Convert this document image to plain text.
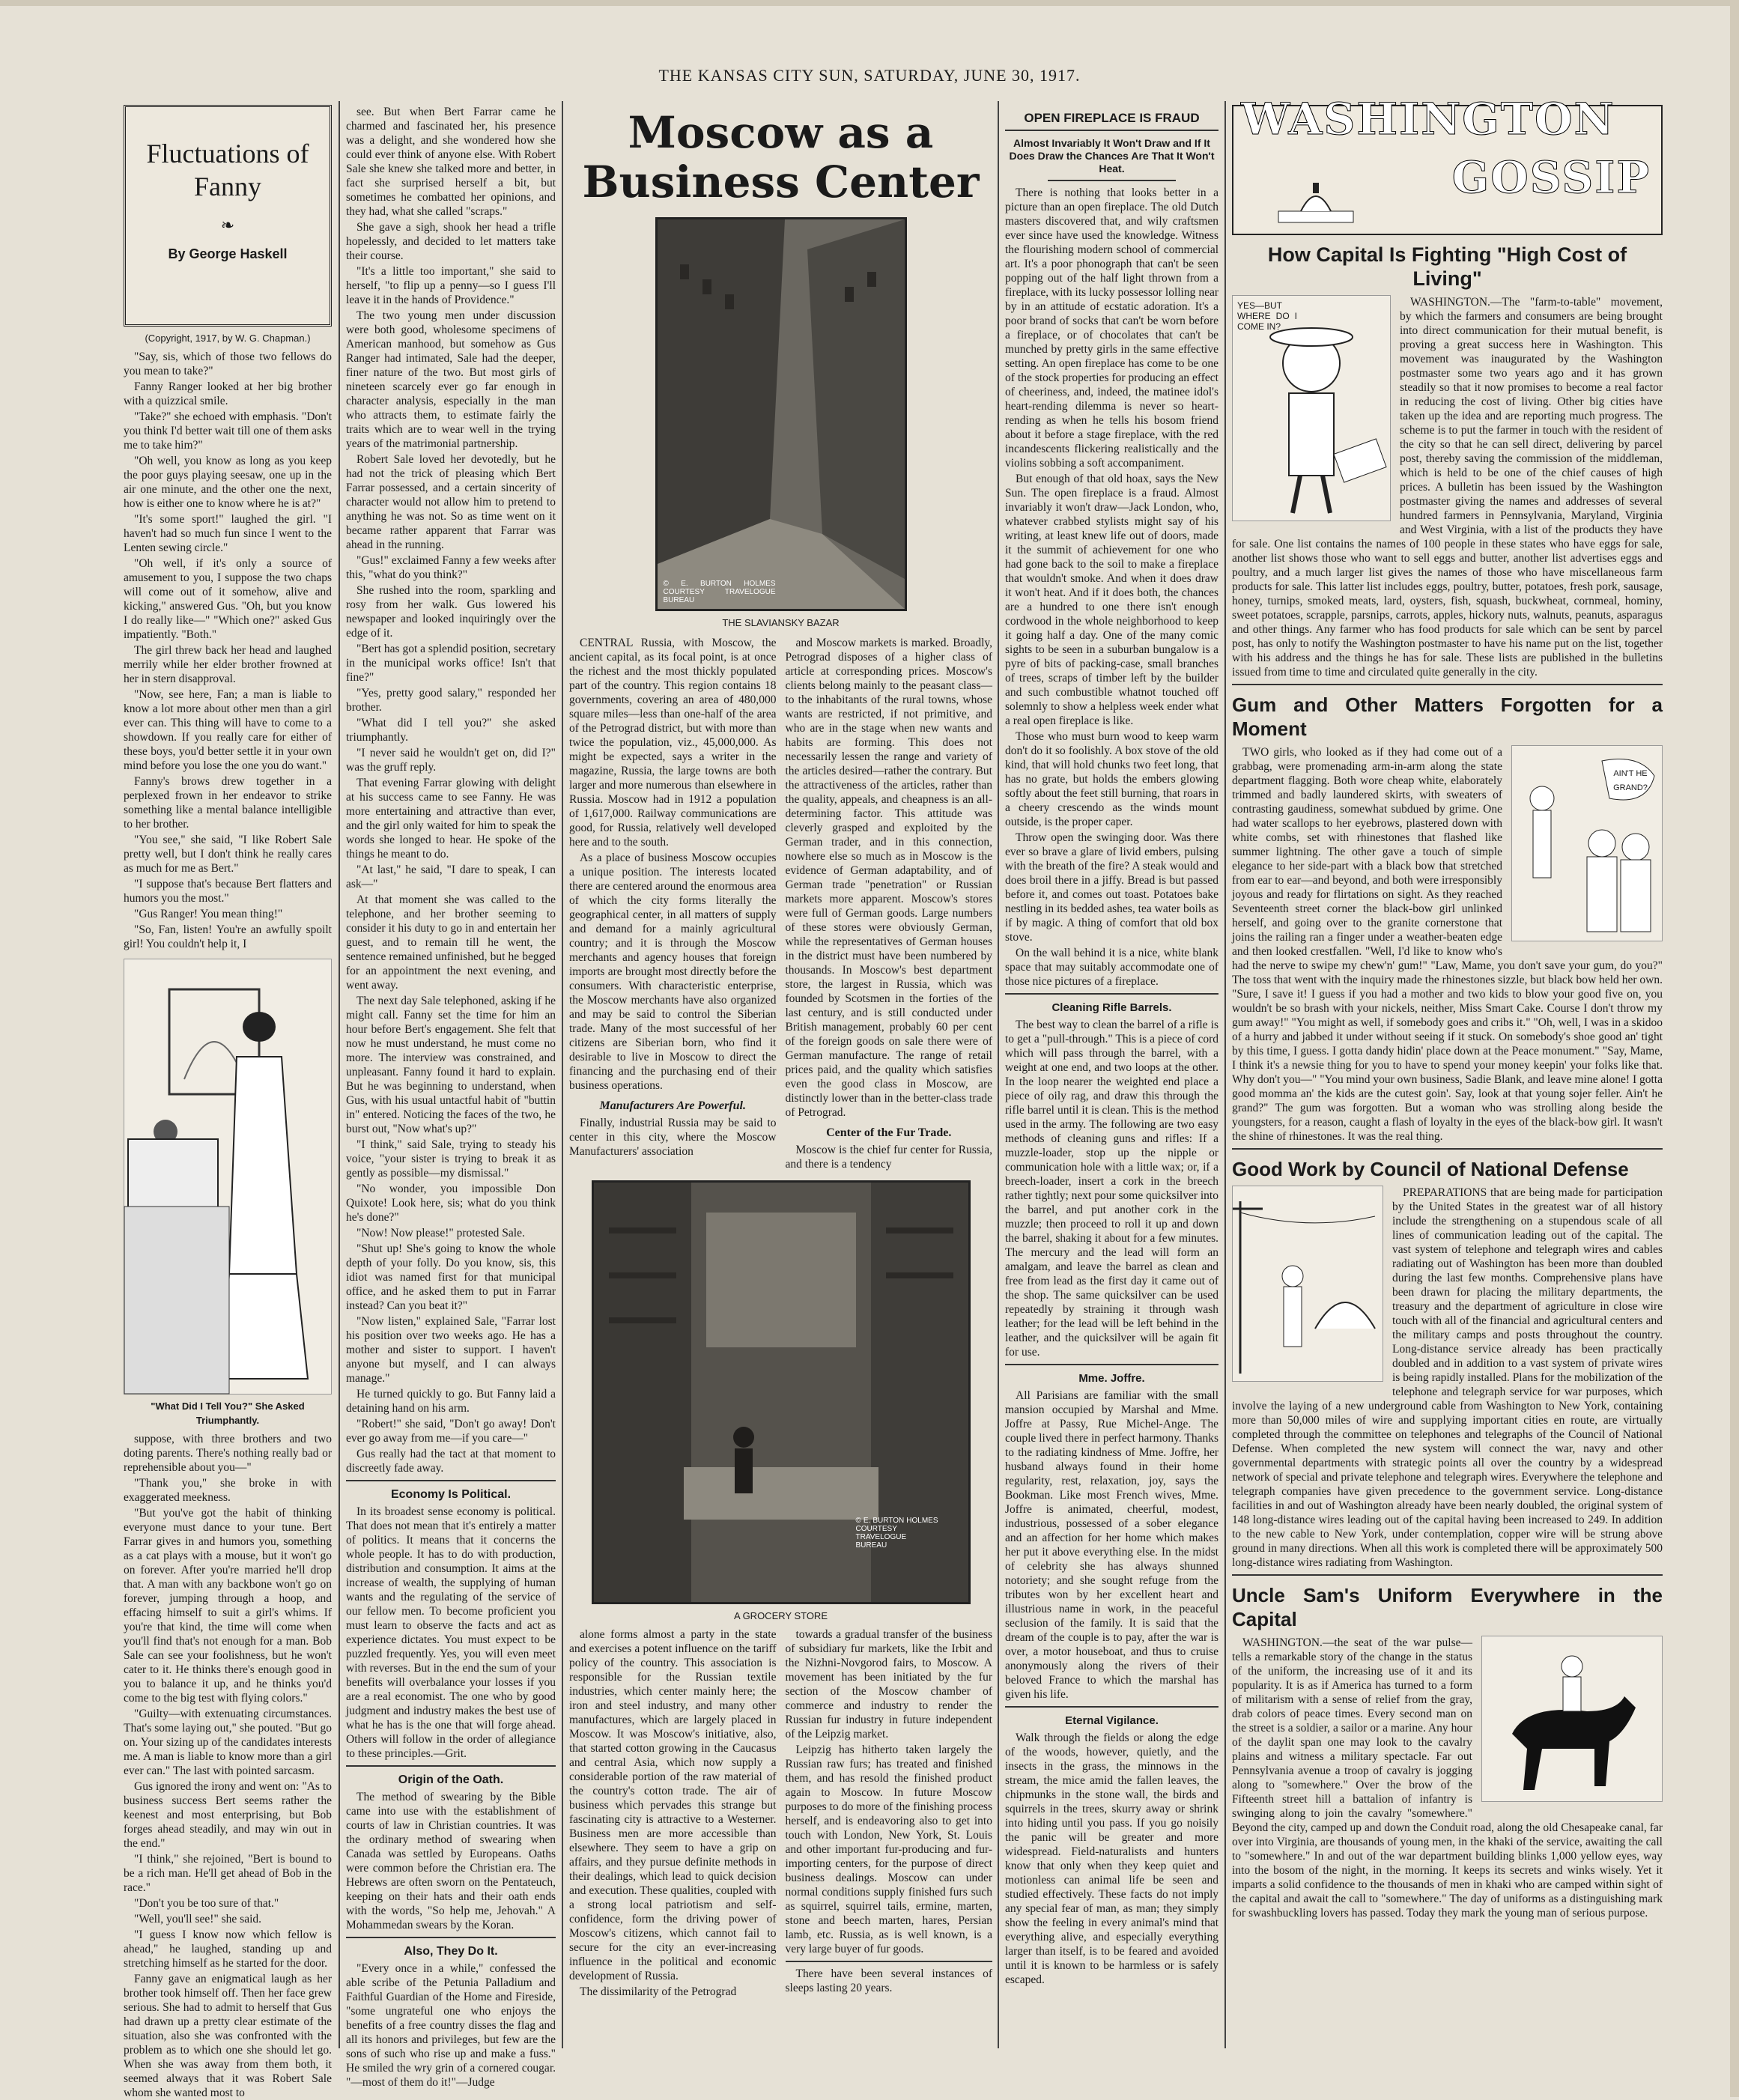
THE KANSAS CITY SUN, SATURDAY, JUNE 30, 1917.
Fluctuations of Fanny
❧
By George Haskell
(Copyright, 1917, by W. G. Chapman.)

"Say, sis, which of those two fellows do you mean to take?"

Fanny Ranger looked at her big brother with a quizzical smile.

"Take?" she echoed with emphasis. "Don't you think I'd better wait till one of them asks me to take him?"

"Oh well, you know as long as you keep the poor guys playing seesaw, one up in the air one minute, and the other one the next, how is either one to know where he is at?"

"It's some sport!" laughed the girl. "I haven't had so much fun since I went to the Lenten sewing circle."

"Oh well, if it's only a source of amusement to you, I suppose the two chaps will come out of it somehow, alive and kicking," answered Gus. "Oh, but you know I do really like—" "Which one?" asked Gus impatiently. "Both."

The girl threw back her head and laughed merrily while her elder brother frowned at her in stern disapproval.

"Now, see here, Fan; a man is liable to know a lot more about other men than a girl ever can. This thing will have to come to a showdown. If you really care for either of these boys, you'd better settle it in your own mind before you lose the one you do want."

Fanny's brows drew together in a perplexed frown in her endeavor to strike something like a mental balance intelligible to her brother.

"You see," she said, "I like Robert Sale pretty well, but I don't think he really cares as much for me as Bert."

"I suppose that's because Bert flatters and humors you the most."

"Gus Ranger! You mean thing!"

"So, Fan, listen! You're an awfully spoilt girl! You couldn't help it, I

"What Did I Tell You?" She Asked Triumphantly.

suppose, with three brothers and two doting parents. There's nothing really bad or reprehensible about you—"

"Thank you," she broke in with exaggerated meekness.

"But you've got the habit of thinking everyone must dance to your tune. Bert Farrar gives in and humors you, something as a cat plays with a mouse, but it won't go on forever. After you're married he'll drop that. A man with any backbone won't go on forever, jumping through a hoop, and effacing himself to suit a girl's whims. If you're that kind, the time will come when you'll find that's not enough for a man. Bob Sale can see your foolishness, but he won't cater to it. He thinks there's enough good in you to balance it up, and he thinks you'd come to the big test with flying colors."

"Guilty—with extenuating circumstances. That's some laying out," she pouted. "But go on. Your sizing up of the candidates interests me. A man is liable to know more than a girl ever can." The last with pointed sarcasm.

Gus ignored the irony and went on: "As to business success Bert seems rather the keenest and most enterprising, but Bob forges ahead steadily, and may win out in the end."

"I think," she rejoined, "Bert is bound to be a rich man. He'll get ahead of Bob in the race."

"Don't you be too sure of that."

"Well, you'll see!" she said.

"I guess I know now which fellow is ahead," he laughed, standing up and stretching himself as he started for the door.

Fanny gave an enigmatical laugh as her brother took himself off. Then her face grew serious. She had to admit to herself that Gus had drawn up a pretty clear estimate of the situation, also she was confronted with the problem as to which one she should let go. When she was away from them both, it seemed always that it was Robert Sale whom she wanted most to

see. But when Bert Farrar came he charmed and fascinated her, his presence was a delight, and she wondered how she could ever think of anyone else. With Robert Sale she knew she talked more and better, in fact she surprised herself a bit, but sometimes he combatted her opinions, and they had, what she called "scraps."

She gave a sigh, shook her head a trifle hopelessly, and decided to let matters take their course.

"It's a little too important," she said to herself, "to flip up a penny—so I guess I'll leave it in the hands of Providence."

The two young men under discussion were both good, wholesome specimens of American manhood, but somehow as Gus Ranger had intimated, Sale had the deeper, finer nature of the two. But most girls of nineteen scarcely ever go far enough in character analysis, especially in the man who attracts them, to estimate fairly the traits which are to wear well in the trying years of the matrimonial partnership.

Robert Sale loved her devotedly, but he had not the trick of pleasing which Bert Farrar possessed, and a certain sincerity of character would not allow him to pretend to anything he was not. So as time went on it became rather apparent that Farrar was ahead in the running.

"Gus!" exclaimed Fanny a few weeks after this, "what do you think?"

She rushed into the room, sparkling and rosy from her walk. Gus lowered his newspaper and looked inquiringly over the edge of it.

"Bert has got a splendid position, secretary in the municipal works office! Isn't that fine?"

"Yes, pretty good salary," responded her brother.

"What did I tell you?" she asked triumphantly.

"I never said he wouldn't get on, did I?" was the gruff reply.

That evening Farrar glowing with delight at his success came to see Fanny. He was more entertaining and attractive than ever, and the girl only waited for him to speak the words she longed to hear. He spoke of the things he meant to do.

"At last," he said, "I dare to speak, I can ask—"

At that moment she was called to the telephone, and her brother seeming to consider it his duty to go in and entertain her guest, and to remain till he went, the sentence remained unfinished, but he begged for an appointment the next evening, and went away.

The next day Sale telephoned, asking if he might call. Fanny set the time for him an hour before Bert's engagement. She felt that now he must understand, he must come no more. The interview was constrained, and unpleasant. Fanny found it hard to explain. But he was beginning to understand, when Gus, with his usual untactful habit of "buttin in" entered. Noticing the faces of the two, he burst out, "Now what's up?"

"I think," said Sale, trying to steady his voice, "your sister is trying to break it as gently as possible—my dismissal."

"No wonder, you impossible Don Quixote! Look here, sis; what do you think he's done?"

"Now! Now please!" protested Sale.

"Shut up! She's going to know the whole depth of your folly. Do you know, sis, this idiot was named first for that municipal office, and he asked them to put in Farrar instead? Can you beat it?"

"Now listen," explained Sale, "Farrar lost his position over two weeks ago. He has a mother and sister to support. I haven't anyone but myself, and I can always manage."

He turned quickly to go. But Fanny laid a detaining hand on his arm.

"Robert!" she said, "Don't go away! Don't ever go away from me—if you care—"

Gus really had the tact at that moment to discreetly fade away.

Economy Is Political.

In its broadest sense economy is political. That does not mean that it's entirely a matter of politics. It means that it concerns the whole people. It has to do with production, distribution and consumption. It aims at the increase of wealth, the supplying of human wants and the regulating of the service of our fellow men. To become proficient you must learn to observe the facts and act as experience dictates. You must expect to be puzzled frequently. Yes, you will even meet with reverses. But in the end the sum of your benefits will overbalance your losses if you are a real economist. The one who by good judgment and industry makes the best use of what he has is the one that will forge ahead. Others will follow in the order of allegiance to these principles.—Grit.

Origin of the Oath.

The method of swearing by the Bible came into use with the establishment of courts of law in Christian countries. It was the ordinary method of swearing when Canada was settled by Europeans. Oaths were common before the Christian era. The Hebrews are often sworn on the Pentateuch, keeping on their hats and their oath ends with the words, "So help me, Jehovah." A Mohammedan swears by the Koran.

Also, They Do It.

"Every once in a while," confessed the able scribe of the Petunia Palladium and Faithful Guardian of the Home and Fireside, "some ungrateful one who enjoys the benefits of a free country disses the flag and all its honors and privileges, but few are the sons of such who rise up and make a fuss." He smiled the wry grin of a cornered cougar. "—most of them do it!"—Judge

Moscow as a
Business Center
© E. BURTON HOLMES COURTESY TRAVELOGUE BUREAU
THE SLAVIANSKY BAZAR

CENTRAL Russia, with Moscow, the ancient capital, as its focal point, is at once the richest and the most thickly populated part of the country. This region contains 18 governments, covering an area of 480,000 square miles—less than one-half of the area of the Petrograd district, but with more than twice the population, viz., 45,000,000. As might be expected, says a writer in the magazine, Russia, the large towns are both larger and more numerous than elsewhere in Russia. Moscow had in 1912 a population of 1,617,000. Railway communications are good, for Russia, relatively well developed here and to the south.

As a place of business Moscow occupies a unique position. The interests located there are centered around the enormous area of which the city forms literally the geographical center, in all matters of supply and demand for a mainly agricultural country; and it is through the Moscow merchants and agency houses that foreign imports are brought most directly before the consumers. With characteristic enterprise, the Moscow merchants have also organized and may be said to control the Siberian trade. Many of the most successful of her citizens are Siberian born, who find it desirable to live in Moscow to direct the financing and the purchasing end of their business operations.

Manufacturers Are Powerful.

Finally, industrial Russia may be said to center in this city, where the Moscow Manufacturers' association

and Moscow markets is marked. Broadly, Petrograd disposes of a higher class of article at corresponding prices. Moscow's clients belong mainly to the peasant class—to the inhabitants of the rural towns, whose wants are restricted, if not primitive, and who are in the stage when new wants and habits are forming. This does not necessarily lessen the range and variety of the articles desired—rather the contrary. But the attractiveness of the articles, rather than the quality, appeals, and cheapness is an all-determining factor. This attitude was cleverly grasped and exploited by the German trader, and in this connection, nowhere else so much as in Moscow is the evidence of German adaptability, and of German trade "penetration" or Russian markets more apparent. Moscow's stores were full of German goods. Large numbers of these stores were obviously German, while the representatives of German houses in the district must have been numbered by thousands. In Moscow's best department store, the largest in Russia, which was founded by Scotsmen in the forties of the last century, and is still conducted under British management, probably 60 per cent of the foreign goods on sale there were of German manufacture. The range of retail prices paid, and the quality which satisfies even the good class in Moscow, are distinctly lower than in the better-class trade of Petrograd.

Center of the Fur Trade.

Moscow is the chief fur center for Russia, and there is a tendency

© E. BURTON HOLMES COURTESY TRAVELOGUE BUREAU
A GROCERY STORE

alone forms almost a party in the state and exercises a potent influence on the tariff policy of the country. This association is responsible for the Russian textile industries, which center mainly here; the iron and steel industry, and many other manufactures, which are largely placed in Moscow. It was Moscow's initiative, also, that started cotton growing in the Caucasus and central Asia, which now supply a considerable portion of the raw material of the country's cotton trade. The air of business which pervades this strange but fascinating city is attractive to a Westerner. Business men are more accessible than elsewhere. They seem to have a grip on affairs, and they pursue definite methods in their dealings, which lead to quick decision and execution. These qualities, coupled with a strong local patriotism and self-confidence, form the driving power of Moscow's citizens, which cannot fail to secure for the city an ever-increasing influence in the political and economic development of Russia.

The dissimilarity of the Petrograd

towards a gradual transfer of the business of subsidiary fur markets, like the Irbit and the Nizhni-Novgorod fairs, to Moscow. A movement has been initiated by the fur section of the Moscow chamber of commerce and industry to render the Russian fur industry in future independent of the Leipzig market.

Leipzig has hitherto taken largely the Russian raw furs; has treated and finished them, and has resold the finished product again to Moscow. In future Moscow purposes to do more of the finishing process herself, and is endeavoring also to get into touch with London, New York, St. Louis and other important fur-producing and fur-importing centers, for the purpose of direct business dealings. Moscow can under normal conditions supply finished furs such as squirrel, squirrel tails, ermine, marten, stone and beech marten, hares, Persian lamb, etc. Russia, as is well known, is a very large buyer of fur goods.

There have been several instances of sleeps lasting 20 years.

OPEN FIREPLACE IS FRAUD
Almost Invariably It Won't Draw and If It Does Draw the Chances Are That It Won't Heat.

There is nothing that looks better in a picture than an open fireplace. The old Dutch masters discovered that, and wily craftsmen ever since have used the knowledge. Witness the flourishing modern school of commercial art. It's a poor phonograph that can't be seen popping out of the half light thrown from a fireplace, with its lucky possessor lolling near by in an attitude of ecstatic adoration. It's a poor brand of socks that can't be worn before a fireplace, or of chocolates that can't be munched by pretty girls in the same effective setting. An open fireplace has come to be one of the stock properties for producing an effect of cheeriness, and, indeed, the matinee idol's heart-rending dilemma is never so heart-rending as when he tells his bosom friend about it before a stage fireplace, with the red incandescents flickering realistically and the violins sobbing a soft accompaniment.

But enough of that old hoax, says the New Sun. The open fireplace is a fraud. Almost invariably it won't draw—Jack London, who, whatever crabbed stylists might say of his writing, at least knew life out of doors, made it the summit of achievement for one who had gone back to the soil to make a fireplace that wouldn't smoke. And when it does draw it won't heat. And if it does both, the chances are a hundred to one there isn't enough cordwood in the whole neighborhood to keep it going half a day. One of the many comic sights to be seen in a suburban bungalow is a pyre of bits of packing-case, small branches of trees, scraps of timber left by the builder and such combustible whatnot touched off solemnly to show a helpless week ender what a real open fireplace is like.

Those who must burn wood to keep warm don't do it so foolishly. A box stove of the old kind, that will hold chunks two feet long, that has no grate, but holds the embers glowing softly about the feet still burning, that roars in a cheery crescendo as the winds mount outside, is the proper caper.

Throw open the swinging door. Was there ever so brave a glare of livid embers, pulsing with the breath of the fire? A steak would and does broil there in a jiffy. Bread is but passed before it, and comes out toast. Potatoes bake nestling in its bedded ashes, tea water boils as if by magic. A thing of comfort that old box stove.

On the wall behind it is a nice, white blank space that may suitably accommodate one of those nice pictures of a fireplace.

Cleaning Rifle Barrels.

The best way to clean the barrel of a rifle is to get a "pull-through." This is a piece of cord which will pass through the barrel, with a weight at one end, and two loops at the other. In the loop nearer the weighted end place a piece of oily rag, and draw this through the rifle barrel until it is clean. This is the method used in the army. The following are two easy methods of cleaning guns and rifles: If a muzzle-loader, stop up the nipple or communication hole with a little wax; or, if a breech-loader, insert a cork in the breech rather tightly; next pour some quicksilver into the barrel, and put another cork in the muzzle; then proceed to roll it up and down the barrel, shaking it about for a few minutes. The mercury and the lead will form an amalgam, and leave the barrel as clean and free from lead as the first day it came out of the shop. The same quicksilver can be used repeatedly by straining it through wash leather; for the lead will be left behind in the leather, and the quicksilver will be again fit for use.

Mme. Joffre.

All Parisians are familiar with the small mansion occupied by Marshal and Mme. Joffre at Passy, Rue Michel-Ange. The couple lived there in perfect harmony. Thanks to the radiating kindness of Mme. Joffre, her husband always found in their home regularity, rest, relaxation, joy, says the Bookman. Like most French wives, Mme. Joffre is animated, cheerful, modest, industrious, possessed of a sober elegance and an affection for her home which makes her put it above everything else. In the midst of celebrity she has always shunned notoriety; and she sought refuge from the tributes won by her excellent heart and illustrious name in work, in the peaceful seclusion of the family. It is said that the dream of the couple is to pay, after the war is over, a motor houseboat, and thus to cruise anonymously along the rivers of their beloved France to which the marshal has given his life.

Eternal Vigilance.

Walk through the fields or along the edge of the woods, however, quietly, and the insects in the grass, the minnows in the stream, the mice amid the fallen leaves, the chipmunks in the stone wall, the birds and squirrels in the trees, skurry away or shrink into hiding until you pass. If you go noisily the panic will be greater and more widespread. Field-naturalists and hunters know that only when they keep quiet and motionless can animal life be seen and studied effectively. These facts do not imply any special fear of man, as man; they simply show the feeling in every animal's mind that everything alive, and especially everything larger than itself, is to be feared and avoided until it is known to be harmless or is safely escaped.

WASHINGTON
GOSSIP
How Capital Is Fighting "High Cost of Living"
YES—BUT WHERE DO I COME IN?

WASHINGTON.—The "farm-to-table" movement, by which the farmers and consumers are being brought into direct communication for their mutual benefit, is proving a great success here in Washington. This movement was inaugurated by the Washington postmaster some two years ago and it has grown steadily so that it now promises to become a real factor in reducing the cost of living. Other big cities have taken up the idea and are reporting much progress. The scheme is to put the farmer in touch with the resident of the city so that he can sell direct, delivering by parcel post, thereby saving the commission of the middleman, which is held to be one of the chief causes of high prices. A bulletin has been issued by the Washington postmaster giving the names and addresses of several hundred farmers in Pennsylvania, Maryland, Virginia and West Virginia, with a list of the products they have for sale. One list contains the names of 100 people in these states who have eggs for sale, another list shows those who want to sell eggs and butter, another list advertises eggs and poultry, and a much larger list gives the names of those who have miscellaneous farm products for sale. This latter list includes eggs, poultry, butter, potatoes, fresh pork, sausage, honey, turnips, smoked meats, lard, oysters, fish, squash, buckwheat, cornmeal, hominy, sweet potatoes, scrapple, parsnips, carrots, apples, hickory nuts, walnuts, peanuts, asparagus and other things. Any farmer who has food products for sale which can be sent by parcel post, has only to notify the Washington postmaster to have his name put on the list, together with his address and the things he has for sale. These lists are published in the bulletins issued from time to time and circulated quite generally in the city.

Gum and Other Matters Forgotten for a Moment
AIN'T HE GRAND?

TWO girls, who looked as if they had come out of a grabbag, were promenading arm-in-arm along the state department flagging. Both wore cheap white, elaborately trimmed and badly laundered skirts, with sweaters of contrasting gaudiness, somewhat subdued by grime. One had water scallops to her eyebrows, plastered down with white combs, set with rhinestones that flashed like summer lightning. The other gave a touch of simple elegance to her side-part with a black bow that stretched from ear to ear—and beyond, and both were irresponsibly joyous and ready for flirtations on sight. As they reached Seventeenth street corner the black-bow girl unlinked herself, and going over to the granite cornerstone that joins the railing ran a finger under a weather-beaten edge and then looked crestfallen. "Well, I'd like to know who's had the nerve to swipe my chew'n' gum!" "Law, Mame, you don't save your gum, do you?" The toss that went with the inquiry made the rhinestones sizzle, but black bow held her own. "Sure, I save it! I guess if you had a mother and two kids to blow your good five on, you wouldn't be so brash with your nickels, neither, Miss Smart Cake. Course I don't throw my gum away!" "You might as well, if somebody goes and cribs it." "Oh, well, I was in a skidoo of a hurry and jabbed it under without seeing if it stuck. On somebody's shoe good an' tight by this time, I guess. I gotta dandy hidin' place down at the Peace monument." "Say, Mame, I think it's a newsie thing for you to have to spend your money keepin' your folks like that. Why don't you—" "You mind your own business, Sadie Blank, and leave mine alone! I gotta good momma an' the kids are the cutest goin'. Say, look at that young sojer feller. Ain't he grand?" The gum was forgotten. But a woman who was strolling along beside the youngsters, for a reason, caught a flash of loyalty in the eyes of the black-bow girl. It wasn't the shine of rhinestones. It was the real thing.

Good Work by Council of National Defense

PREPARATIONS that are being made for participation by the United States in the greatest war of all history include the strengthening on a stupendous scale of all lines of communication leading out of the capital. The vast system of telephone and telegraph wires and cables radiating out of Washington has been more than doubled during the last few months. Comprehensive plans have been drawn for placing the military departments, the treasury and the department of agriculture in close wire touch with all of the financial and agricultural centers and the military camps and posts throughout the country. Long-distance service already has been practically doubled and in addition to a vast system of private wires is being rapidly installed. Plans for the mobilization of the telephone and telegraph service for war purposes, which involve the laying of a new underground cable from Washington to New York, containing more than 50,000 miles of wire and supplying important cities en route, are virtually completed through the committee on telephones and telegraphs of the Council of National Defense. When completed the new system will connect the war, navy and other governmental departments with strategic points all over the country by a widespread network of special and private telephone and telegraph wires. Everywhere the telephone and telegraph companies have given precedence to the government service. Long-distance facilities in and out of Washington already have been nearly doubled, the original system of 148 long-distance wires leading out of the capital having been increased to 249. In addition to the new cable to New York, under contemplation, copper wire will be strung above ground in many directions. When all this work is completed there will be approximately 500 long-distance wires radiating from Washington.

Uncle Sam's Uniform Everywhere in the Capital

WASHINGTON.—the seat of the war pulse—tells a remarkable story of the change in the status of the uniform, the increasing use of it and its popularity. It is as if America has turned to a form of militarism with a sense of relief from the gray, drab colors of peace times. Every second man on the street is a soldier, a sailor or a marine. Any hour of the daylit span one may look to the cavalry plains and witness a military spectacle. Far out Pennsylvania avenue a troop of cavalry is jogging along to "somewhere." Over the brow of the Fifteenth street hill a battalion of infantry is swinging along to join the cavalry "somewhere." Beyond the city, camped up and down the Conduit road, along the old Chesapeake canal, far over into Virginia, are thousands of young men, in the khaki of the service, awaiting the call to "somewhere." In and out of the war department building blinks 1,000 yellow eyes, way into the bosom of the night, in the morning. It keeps its secrets and winks wisely. Yet it imparts a solid confidence to the thousands of men in khaki who are camped within sight of the capital and await the call to "somewhere." The day of uniforms as a distinguishing mark for swashbuckling lovers has passed. Today they mark the young man of serious purpose.
